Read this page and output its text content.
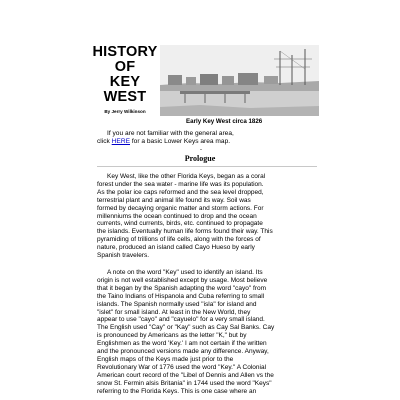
HISTORY
OF
KEY
WEST
By Jerry Wilkinson
Early Key West circa 1826
If you are not familiar with the general area,
click HERE for a basic Lower Keys area map.
-
Prologue
Key West, like the other Florida Keys, began as a coral
forest under the sea water - marine life was its population.
As the polar ice caps reformed and the sea level dropped,
terrestrial plant and animal life found its way. Soil was
formed by decaying organic matter and storm actions. For
millenniums the ocean continued to drop and the ocean
currents, wind currents, birds, etc. continued to propagate
the islands. Eventually human life forms found their way. This
pyramiding of trillions of life cells, along with the forces of
nature, produced an island called Cayo Hueso by early
Spanish travelers.
A note on the word "Key" used to identify an island. Its
origin is not well established except by usage. Most believe
that it began by the Spanish adapting the word "cayo" from
the Taino Indians of Hispanola and Cuba referring to small
islands. The Spanish normally used "isla" for island and
"islet" for small island. At least in the New World, they
appear to use "cayo" and "cayuelo" for a very small island.
The English used "Cay" or "Kay" such as Cay Sal Banks. Cay
is pronounced by Americans as the letter "K," but by
Englishmen as the word 'Key.' I am not certain if the written
and the pronounced versions made any difference. Anyway,
English maps of the Keys made just prior to the
Revolutionary War of 1776 used the word "Key." A Colonial
American court record of the "Libel of Dennis and Allen vs the
snow St. Fermin alsis Britania" in 1744 used the word "Keys"
referring to the Florida Keys. This is one case where an
